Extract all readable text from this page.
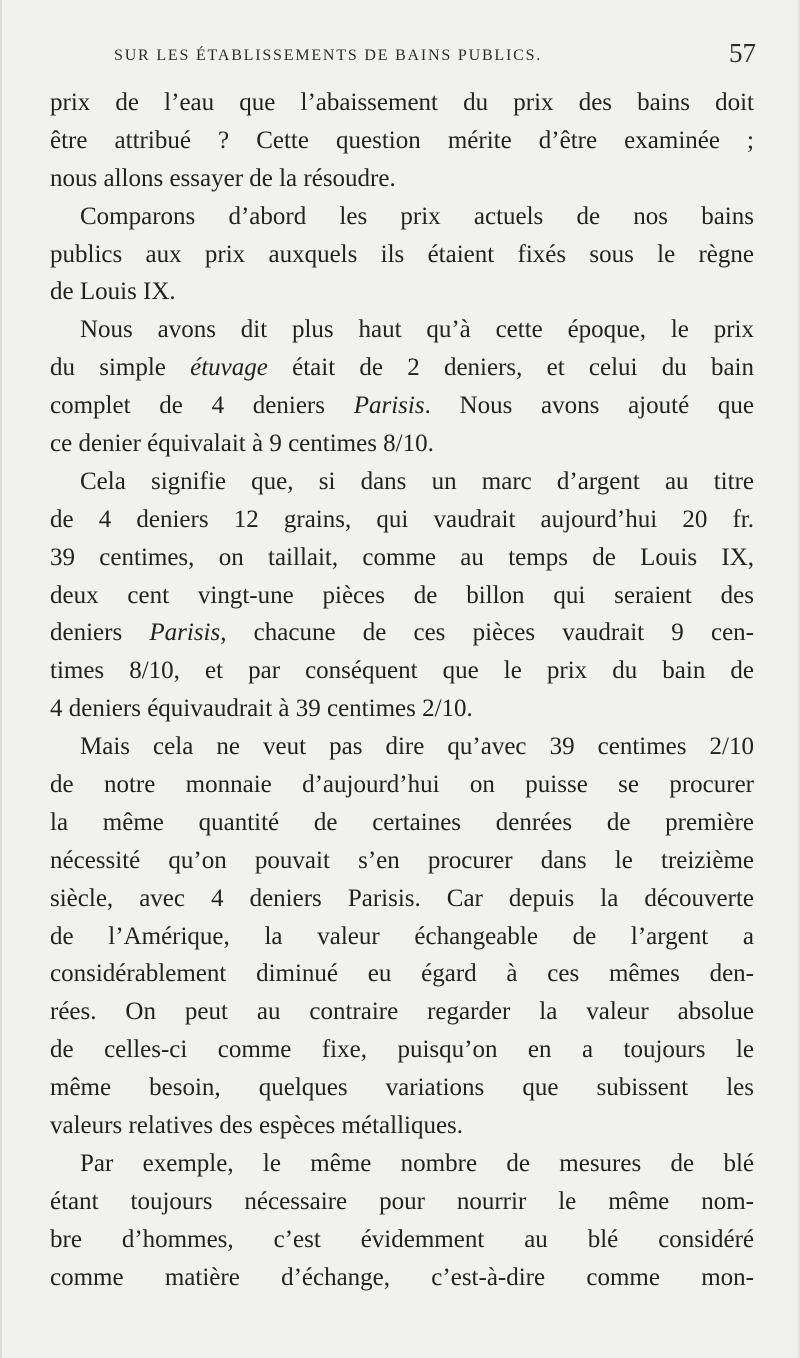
SUR LES ÉTABLISSEMENTS DE BAINS PUBLICS.	57

prix de l’eau que l’abaissement du prix des bains doit
être attribué ? Cette question mérite d’être examinée ;
nous allons essayer de la résoudre.

Comparons d’abord les prix actuels de nos bains
publics aux prix auxquels ils étaient fixés sous le règne
de Louis IX.

Nous avons dit plus haut qu’à cette époque, le prix
du simple étuvage était de 2 deniers, et celui du bain
complet de 4 deniers Parisis. Nous avons ajouté que
ce denier équivalait à 9 centimes 8/10.

Cela signifie que, si dans un marc d’argent au titre
de 4 deniers 12 grains, qui vaudrait aujourd’hui 20 fr.
39 centimes, on taillait, comme au temps de Louis IX,
deux cent vingt-une pièces de billon qui seraient des
deniers Parisis, chacune de ces pièces vaudrait 9 cen-
times 8/10, et par conséquent que le prix du bain de
4 deniers équivaudrait à 39 centimes 2/10.

Mais cela ne veut pas dire qu’avec 39 centimes 2/10
de notre monnaie d’aujourd’hui on puisse se procurer
la même quantité de certaines denrées de première
nécessité qu’on pouvait s’en procurer dans le treizième
siècle, avec 4 deniers Parisis. Car depuis la découverte
de l’Amérique, la valeur échangeable de l’argent a
considérablement diminué eu égard à ces mêmes den-
rées. On peut au contraire regarder la valeur absolue
de celles-ci comme fixe, puisqu’on en a toujours le
même besoin, quelques variations que subissent les
valeurs relatives des espèces métalliques.

Par exemple, le même nombre de mesures de blé
étant toujours nécessaire pour nourrir le même nom-
bre d’hommes, c’est évidemment au blé considéré
comme matière d’échange, c’est-à-dire comme mon-
